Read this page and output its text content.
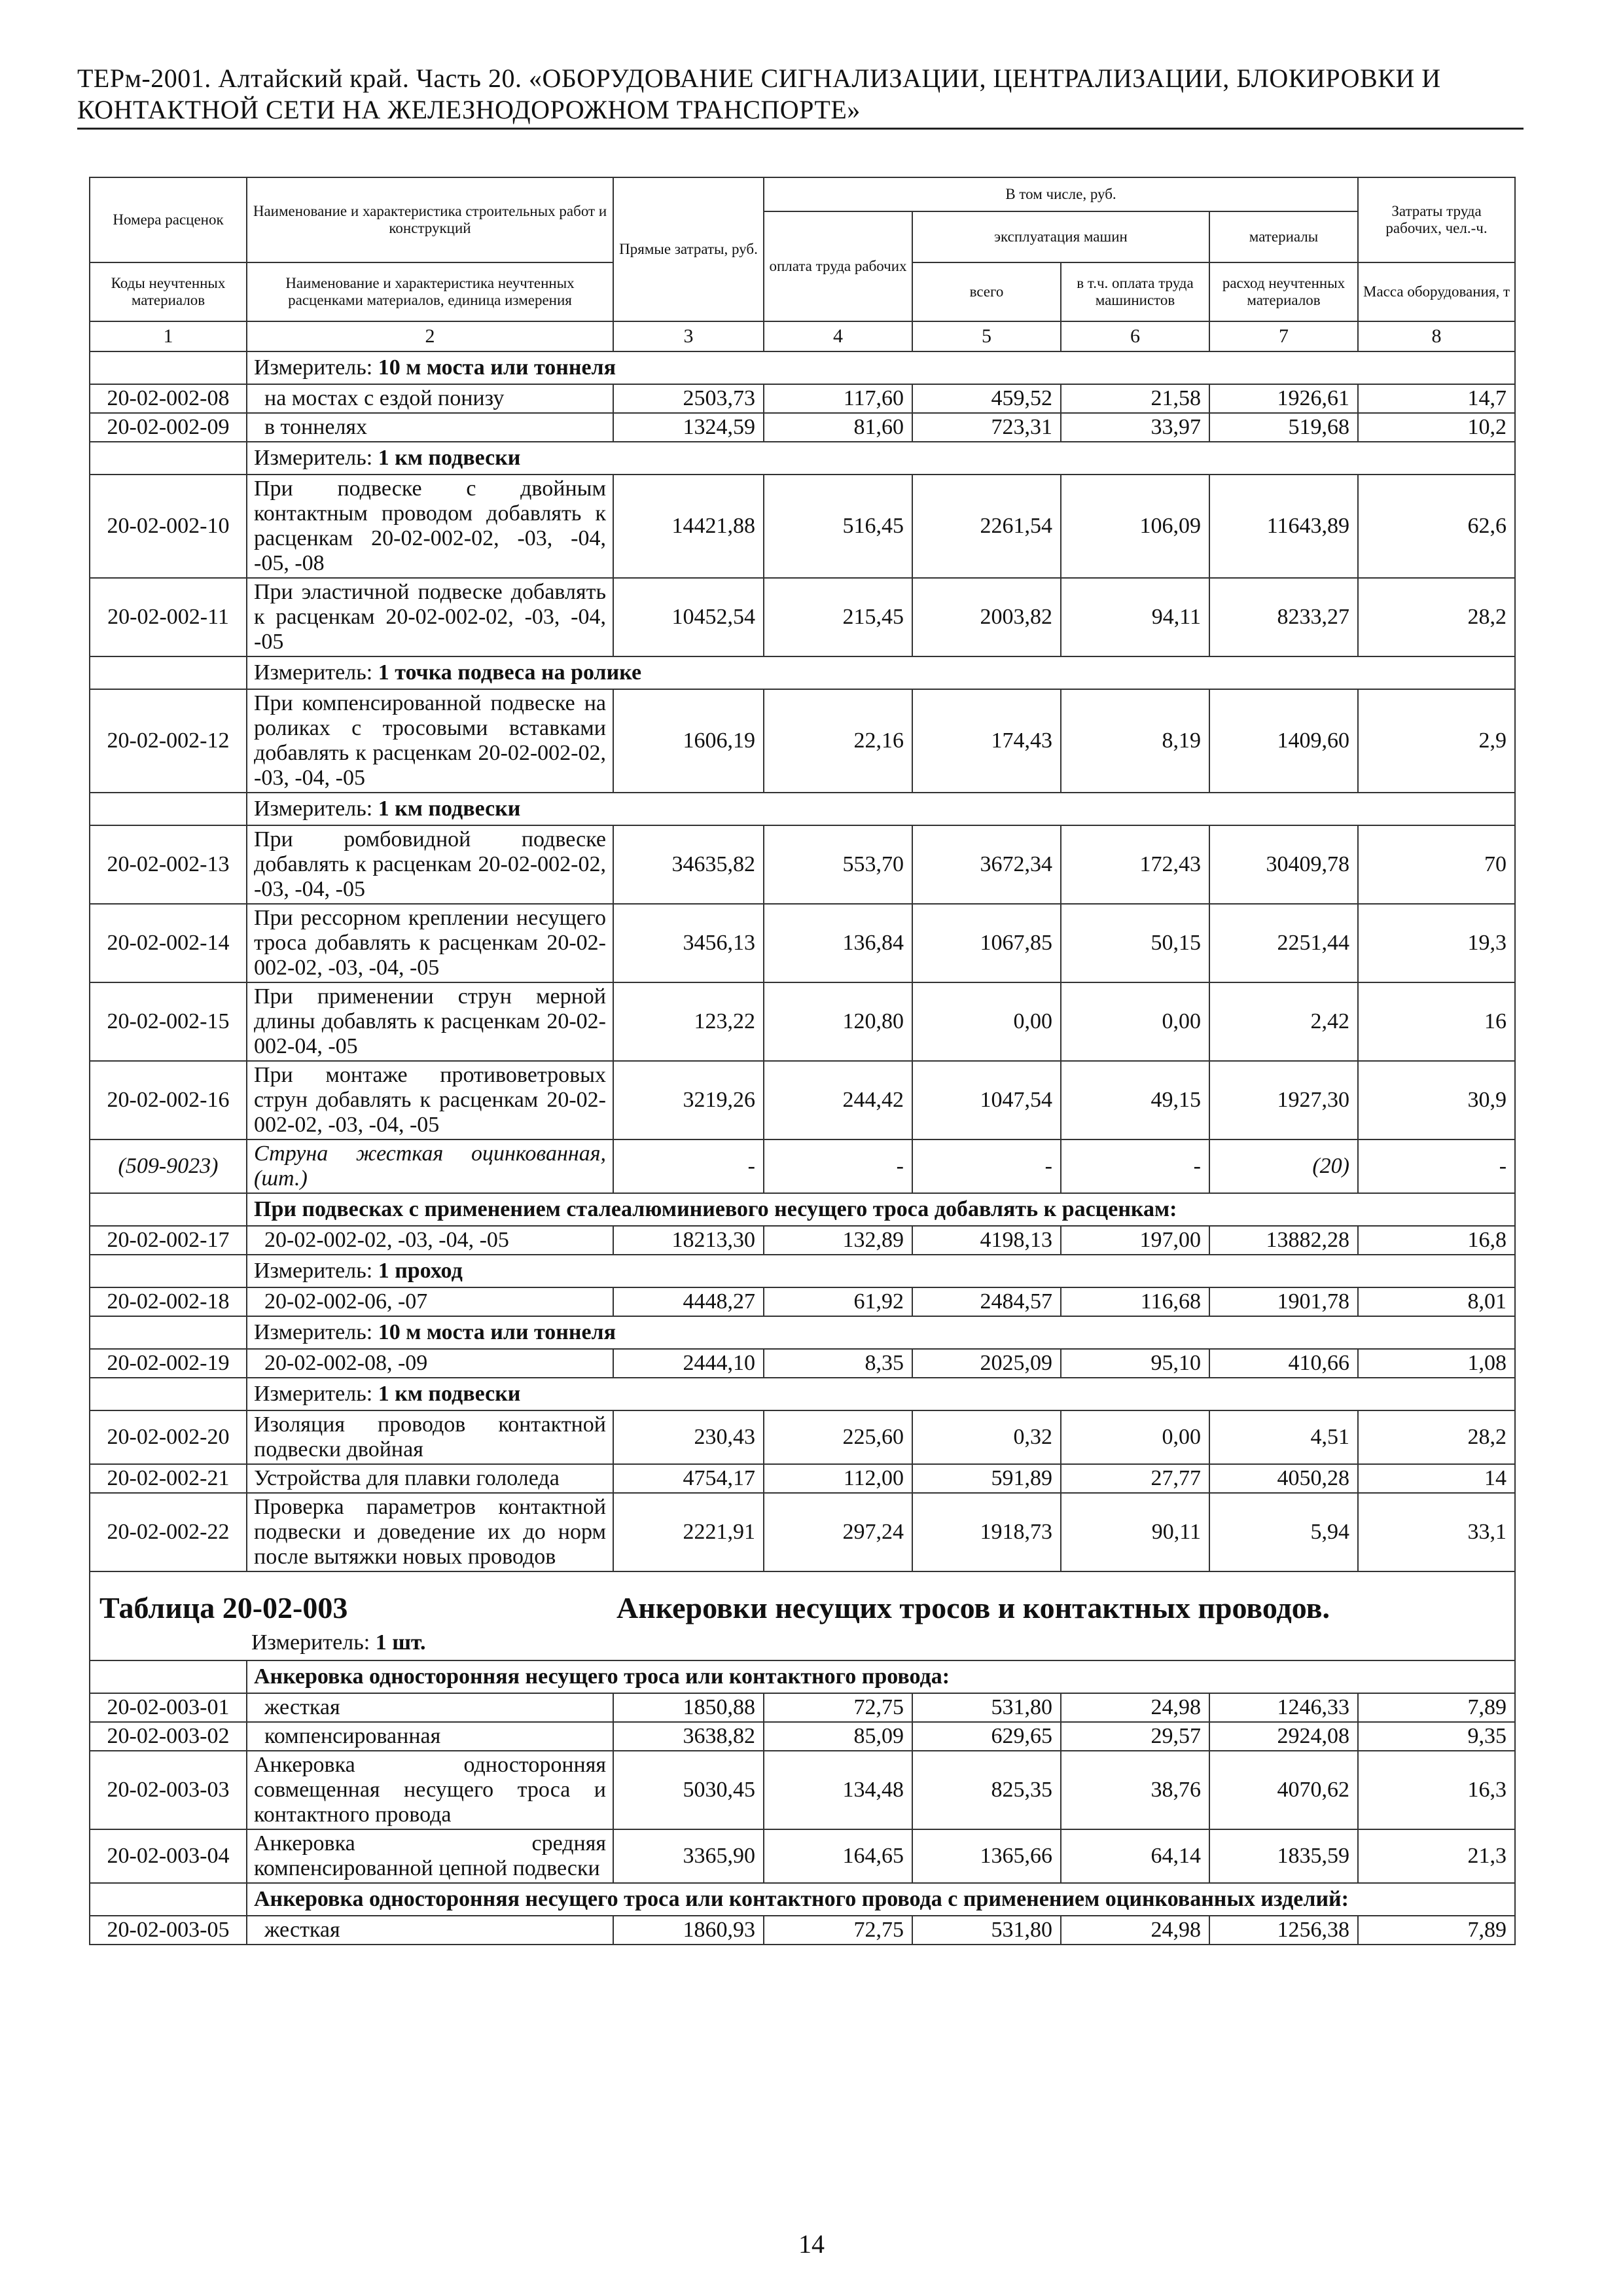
ТЕРм-2001. Алтайский край. Часть 20. «ОБОРУДОВАНИЕ СИГНАЛИЗАЦИИ, ЦЕНТРАЛИЗАЦИИ, БЛОКИРОВКИ И
КОНТАКТНОЙ СЕТИ НА ЖЕЛЕЗНОДОРОЖНОМ ТРАНСПОРТЕ»
Номера расценок	Наименование и характеристика строительных работ и конструкций	Прямые затраты, руб.	В том числе, руб.				Затраты труда рабочих, чел.-ч.
			оплата труда рабочих	эксплуатация машин		материалы	
Коды неучтенных материалов	Наименование и характеристика неучтенных расценками материалов, единица измерения			всего	в т.ч. оплата труда машинистов	расход неучтенных материалов	Масса оборудования, т
1	2	3	4	5	6	7	8
	Измеритель: 10 м моста или тоннеля						
20-02-002-08	на мостах с ездой понизу	2503,73	117,60	459,52	21,58	1926,61	14,7
20-02-002-09	в тоннелях	1324,59	81,60	723,31	33,97	519,68	10,2
	Измеритель: 1 км подвески						
20-02-002-10	При подвеске с двойным контактным проводом добавлять к расценкам 20-02-002-02, -03, -04, -05, -08	14421,88	516,45	2261,54	106,09	11643,89	62,6
20-02-002-11	При эластичной подвеске добавлять к расценкам 20-02-002-02, -03, -04, -05	10452,54	215,45	2003,82	94,11	8233,27	28,2
	Измеритель: 1 точка подвеса на ролике						
20-02-002-12	При компенсированной подвеске на роликах с тросовыми вставками добавлять к расценкам 20-02-002-02, -03, -04, -05	1606,19	22,16	174,43	8,19	1409,60	2,9
	Измеритель: 1 км подвески						
20-02-002-13	При ромбовидной подвеске добавлять к расценкам 20-02-002-02, -03, -04, -05	34635,82	553,70	3672,34	172,43	30409,78	70
20-02-002-14	При рессорном креплении несущего троса добавлять к расценкам 20-02-002-02, -03, -04, -05	3456,13	136,84	1067,85	50,15	2251,44	19,3
20-02-002-15	При применении струн мерной длины добавлять к расценкам 20-02-002-04, -05	123,22	120,80	0,00	0,00	2,42	16
20-02-002-16	При монтаже противоветровых струн добавлять к расценкам 20-02-002-02, -03, -04, -05	3219,26	244,42	1047,54	49,15	1927,30	30,9
(509-9023)	Струна жесткая оцинкованная, (шт.)	-	-	-	-	(20)	-
	При подвесках с применением сталеалюминиевого несущего троса добавлять к расценкам:						
20-02-002-17	20-02-002-02, -03, -04, -05	18213,30	132,89	4198,13	197,00	13882,28	16,8
	Измеритель: 1 проход						
20-02-002-18	20-02-002-06, -07	4448,27	61,92	2484,57	116,68	1901,78	8,01
	Измеритель: 10 м моста или тоннеля						
20-02-002-19	20-02-002-08, -09	2444,10	8,35	2025,09	95,10	410,66	1,08
	Измеритель: 1 км подвески						
20-02-002-20	Изоляция проводов контактной подвески двойная	230,43	225,60	0,32	0,00	4,51	28,2
20-02-002-21	Устройства для плавки гололеда	4754,17	112,00	591,89	27,77	4050,28	14
20-02-002-22	Проверка параметров контактной подвески и доведение их до норм после вытяжки новых проводов	2221,91	297,24	1918,73	90,11	5,94	33,1

Таблица 20-02-003 Анкеровки несущих тросов и контактных проводов.
Измеритель: 1 шт.							

	Анкеровка односторонняя несущего троса или контактного провода:						
20-02-003-01	жесткая	1850,88	72,75	531,80	24,98	1246,33	7,89
20-02-003-02	компенсированная	3638,82	85,09	629,65	29,57	2924,08	9,35
20-02-003-03	Анкеровка односторонняя совмещенная несущего троса и контактного провода	5030,45	134,48	825,35	38,76	4070,62	16,3
20-02-003-04	Анкеровка средняя компенсированной цепной подвески	3365,90	164,65	1365,66	64,14	1835,59	21,3
	Анкеровка односторонняя несущего троса или контактного провода с применением оцинкованных изделий:						
20-02-003-05	жесткая	1860,93	72,75	531,80	24,98	1256,38	7,89
14
